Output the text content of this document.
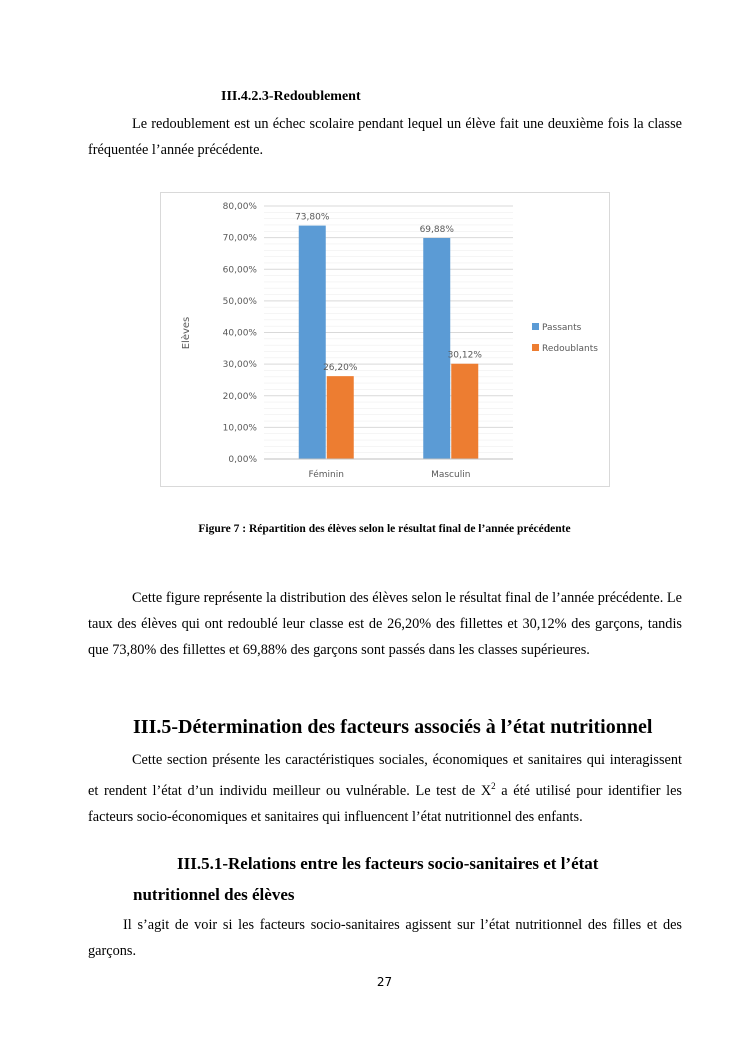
III.4.2.3-Redoublement

Le redoublement est un échec scolaire pendant lequel un élève fait une deuxième fois la classe fréquentée l’année précédente.

0,00%
10,00%
20,00%
30,00%
40,00%
50,00%
60,00%
70,00%
80,00%
Elèves
73,80%
26,20%
Féminin
69,88%
30,12%
Masculin
Passants
Redoublants
Figure 7 : Répartition des élèves selon le résultat final de l’année précédente

Cette figure représente la distribution des élèves selon le résultat final de l’année précédente. Le taux des élèves qui ont redoublé leur classe est de 26,20% des fillettes et 30,12% des garçons, tandis que 73,80% des fillettes et 69,88% des garçons sont passés dans les classes supérieures.

III.5-Détermination des facteurs associés à l’état nutritionnel

Cette section présente les caractéristiques sociales, économiques et sanitaires qui interagissent et rendent l’état d’un individu meilleur ou vulnérable. Le test de $X^2$ a été utilisé pour identifier les facteurs socio-économiques et sanitaires qui influencent l’état nutritionnel des enfants.

III.5.1-Relations entre les facteurs socio-sanitaires et l’état
nutritionnel des élèves

Il s’agit de voir si les facteurs socio-sanitaires agissent sur l’état nutritionnel des filles et des garçons.

27
